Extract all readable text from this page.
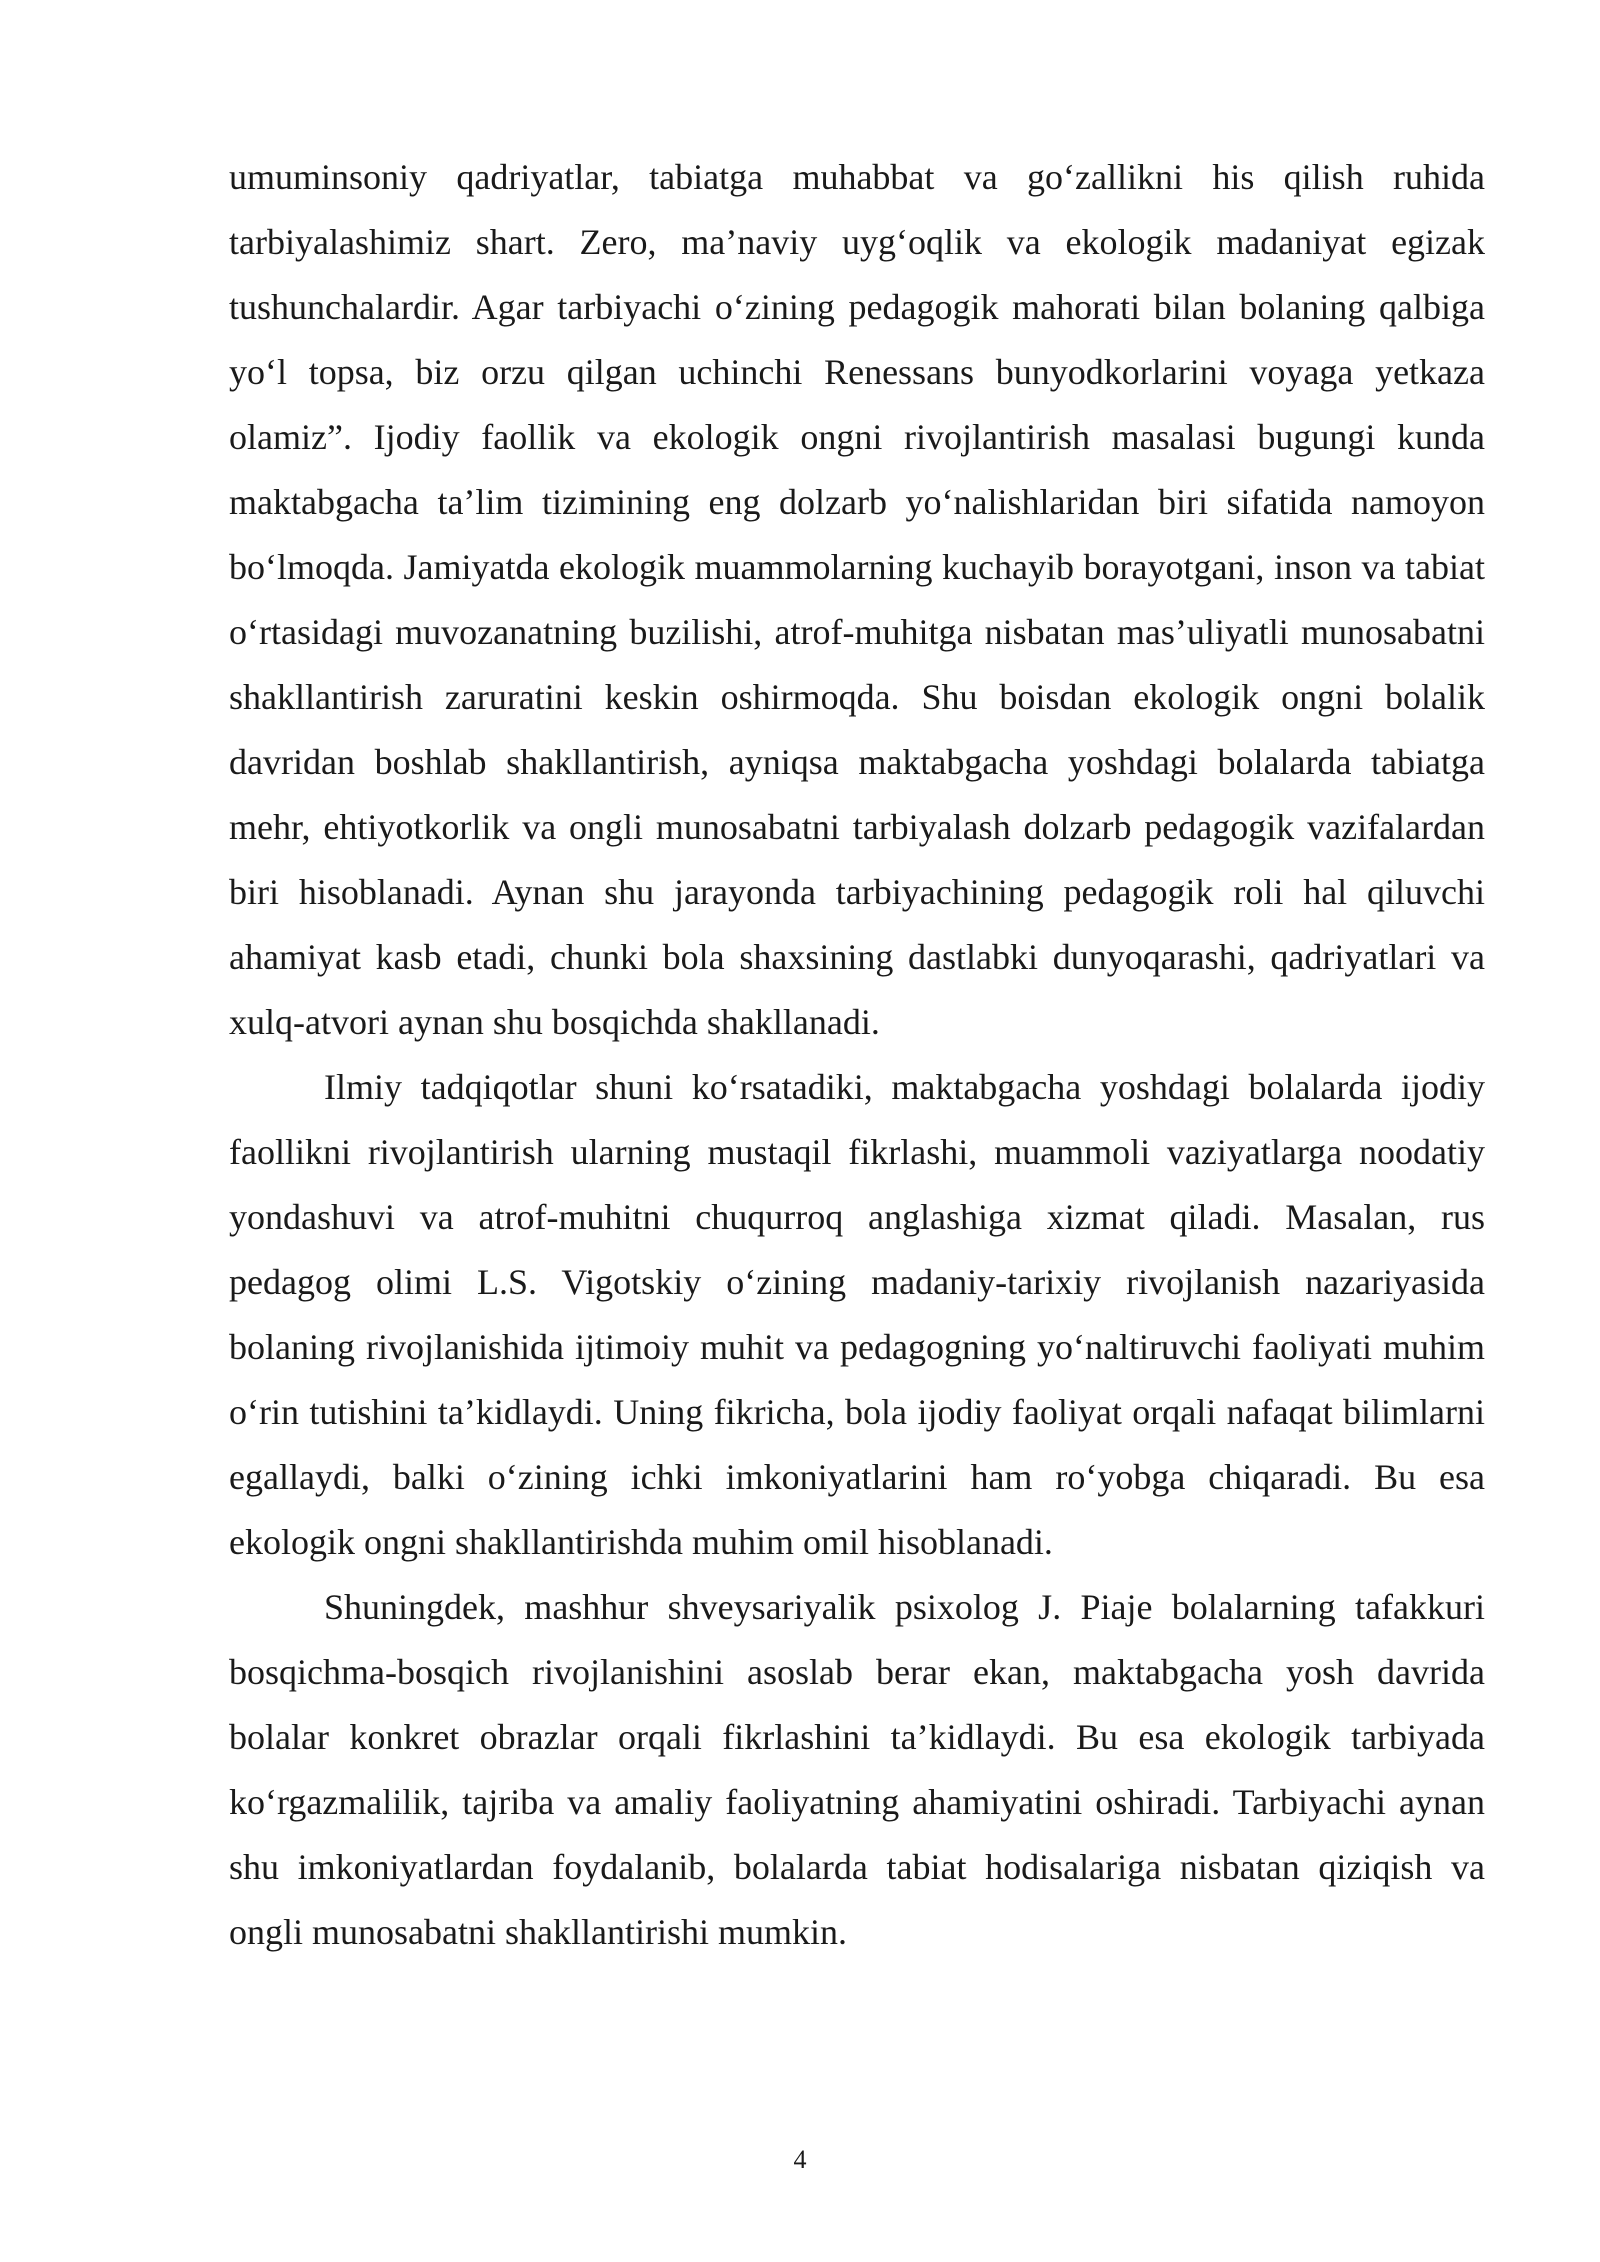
umuminsoniy qadriyatlar, tabiatga muhabbat va go‘zallikni his qilish ruhida tarbiyalashimiz shart. Zero, ma’naviy uyg‘oqlik va ekologik madaniyat egizak tushunchalardir. Agar tarbiyachi o‘zining pedagogik mahorati bilan bolaning qalbiga yo‘l topsa, biz orzu qilgan uchinchi Renessans bunyodkorlarini voyaga yetkaza olamiz”. Ijodiy faollik va ekologik ongni rivojlantirish masalasi bugungi kunda maktabgacha ta’lim tizimining eng dolzarb yo‘nalishlaridan biri sifatida namoyon bo‘lmoqda. Jamiyatda ekologik muammolarning kuchayib borayotgani, inson va tabiat o‘rtasidagi muvozanatning buzilishi, atrof-muhitga nisbatan mas’uliyatli munosabatni shakllantirish zaruratini keskin oshirmoqda. Shu boisdan ekologik ongni bolalik davridan boshlab shakllantirish, ayniqsa maktabgacha yoshdagi bolalarda tabiatga mehr, ehtiyotkorlik va ongli munosabatni tarbiyalash dolzarb pedagogik vazifalardan biri hisoblanadi. Aynan shu jarayonda tarbiyachining pedagogik roli hal qiluvchi ahamiyat kasb etadi, chunki bola shaxsining dastlabki dunyoqarashi, qadriyatlari va xulq-atvori aynan shu bosqichda shakllanadi.

Ilmiy tadqiqotlar shuni ko‘rsatadiki, maktabgacha yoshdagi bolalarda ijodiy faollikni rivojlantirish ularning mustaqil fikrlashi, muammoli vaziyatlarga noodatiy yondashuvi va atrof-muhitni chuqurroq anglashiga xizmat qiladi. Masalan, rus pedagog olimi L.S. Vigotskiy o‘zining madaniy-tarixiy rivojlanish nazariyasida bolaning rivojlanishida ijtimoiy muhit va pedagogning yo‘naltiruvchi faoliyati muhim o‘rin tutishini ta’kidlaydi. Uning fikricha, bola ijodiy faoliyat orqali nafaqat bilimlarni egallaydi, balki o‘zining ichki imkoniyatlarini ham ro‘yobga chiqaradi. Bu esa ekologik ongni shakllantirishda muhim omil hisoblanadi.

Shuningdek, mashhur shveysariyalik psixolog J. Piaje bolalarning tafakkuri bosqichma-bosqich rivojlanishini asoslab berar ekan, maktabgacha yosh davrida bolalar konkret obrazlar orqali fikrlashini ta’kidlaydi. Bu esa ekologik tarbiyada ko‘rgazmalilik, tajriba va amaliy faoliyatning ahamiyatini oshiradi. Tarbiyachi aynan shu imkoniyatlardan foydalanib, bolalarda tabiat hodisalariga nisbatan qiziqish va ongli munosabatni shakllantirishi mumkin.

4
